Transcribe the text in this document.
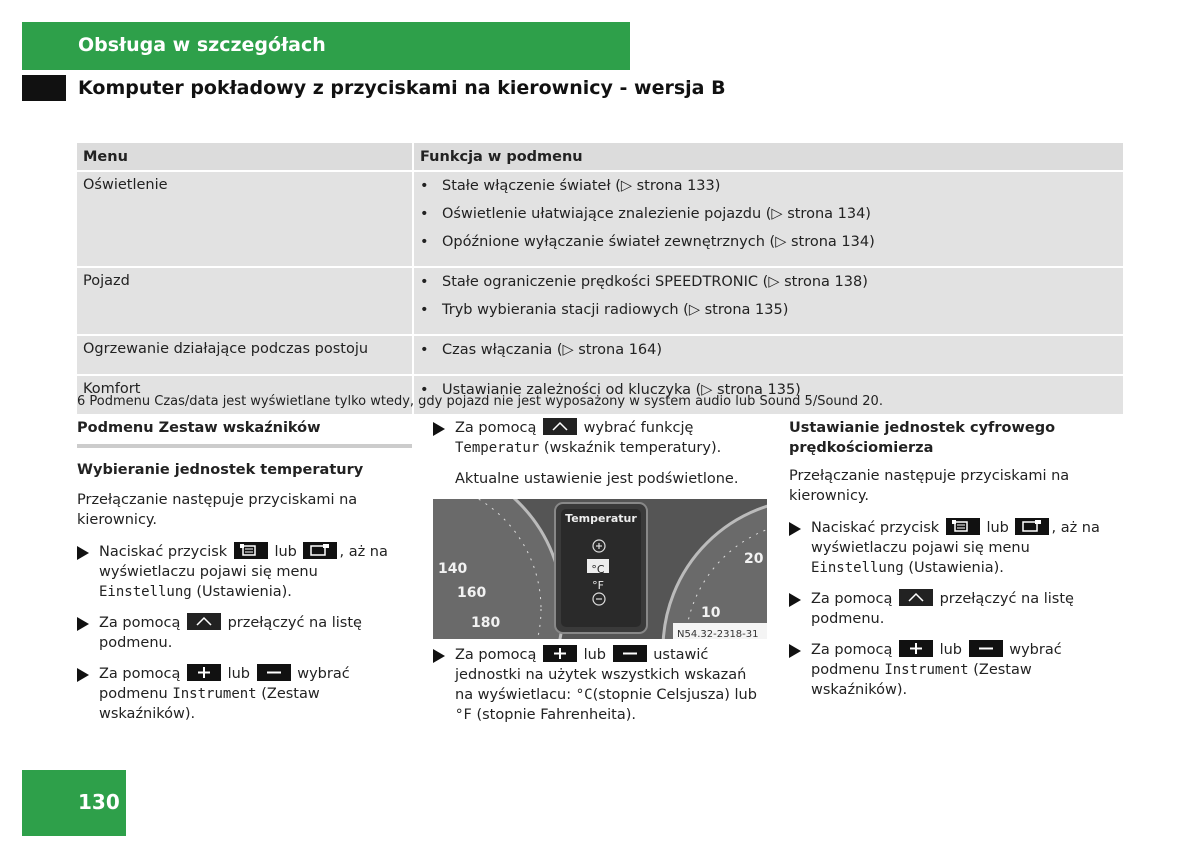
Obsługa w szczegółach
Komputer pokładowy z przyciskami na kierownicy - wersja B
Menu	Funkcja w podmenu
Oświetlenie	• Stałe włączenie świateł (▷ strona 133)
• Oświetlenie ułatwiające znalezienie pojazdu (▷ strona 134)
• Opóźnione wyłączanie świateł zewnętrznych (▷ strona 134)

Pojazd	• Stałe ograniczenie prędkości SPEEDTRONIC (▷ strona 138)
• Tryb wybierania stacji radiowych (▷ strona 135)

Ogrzewanie działające podczas postoju	• Czas włączania (▷ strona 164)

Komfort	• Ustawianie zależności od kluczyka (▷ strona 135)
6 Podmenu Czas/data jest wyświetlane tylko wtedy, gdy pojazd nie jest wyposażony w system audio lub Sound 5/Sound 20.
Podmenu Zestaw wskaźników
Wybieranie jednostek temperatury
Przełączanie następuje przyciskami na kierownicy.
Naciskać przycisk	lub	, aż na wyświetlaczu pojawi się menu Einstellung (Ustawienia).
Za pomocą	przełączyć na listę podmenu.
Za pomocą	lub	wybrać podmenu Instrument (Zestaw wskaźników).
Za pomocą	wybrać funkcję Temperatur (wskaźnik temperatury).
Aktualne ustawienie jest podświetlone.
Temperatur
°C
°F
140
160
180
20
10
N54.32-2318-31
Za pomocą	lub	ustawić jednostki na użytek wszystkich wskazań na wyświetlacu: °C(stopnie Celsjusza) lub °F (stopnie Fahrenheita).
Ustawianie jednostek cyfrowego prędkościomierza
Przełączanie następuje przyciskami na kierownicy.
Naciskać przycisk	lub	, aż na wyświetlaczu pojawi się menu Einstellung (Ustawienia).
Za pomocą	przełączyć na listę podmenu.
Za pomocą	lub	wybrać podmenu Instrument (Zestaw wskaźników).
130
